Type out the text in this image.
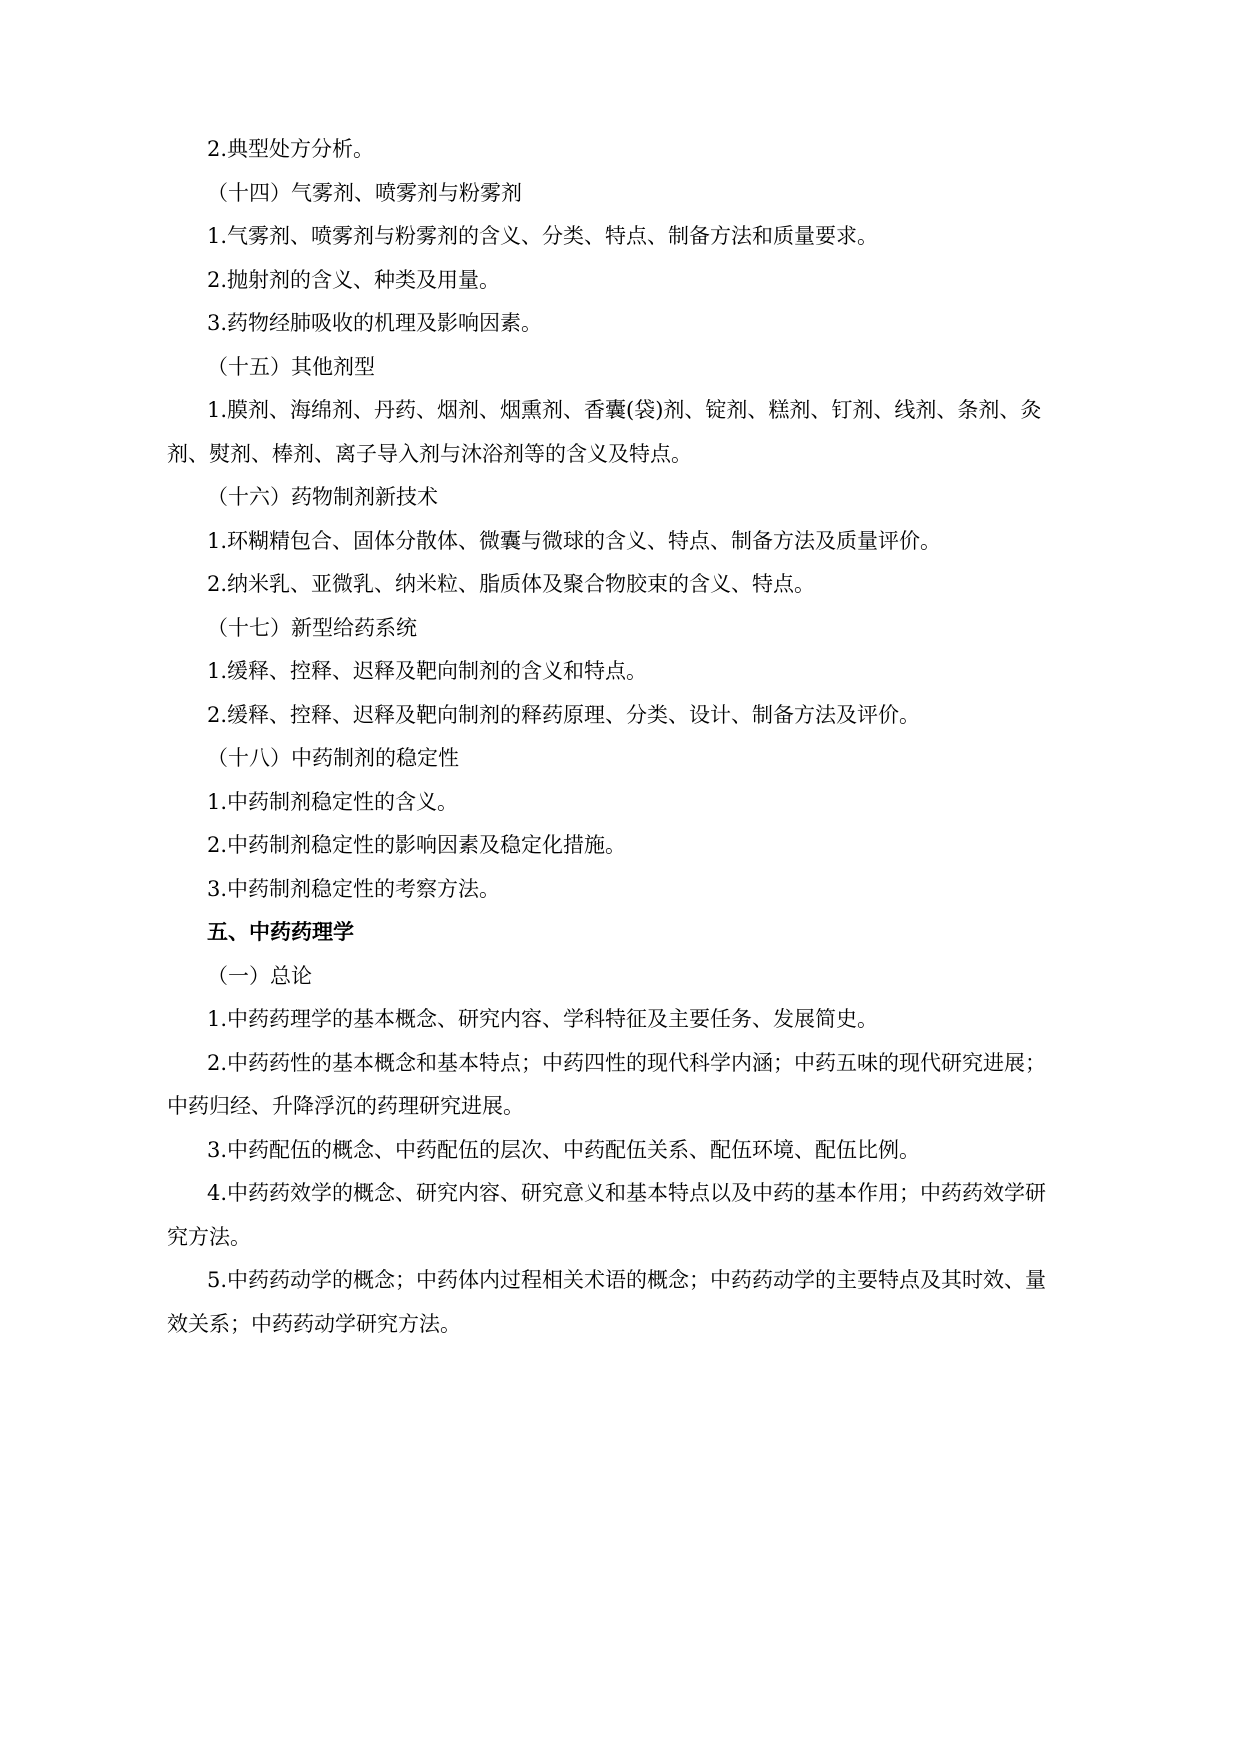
2.典型处方分析。

（十四）气雾剂、喷雾剂与粉雾剂

1.气雾剂、喷雾剂与粉雾剂的含义、分类、特点、制备方法和质量要求。

2.抛射剂的含义、种类及用量。

3.药物经肺吸收的机理及影响因素。

（十五）其他剂型

1.膜剂、海绵剂、丹药、烟剂、烟熏剂、香囊(袋)剂、锭剂、糕剂、钉剂、线剂、条剂、灸剂、熨剂、棒剂、离子导入剂与沐浴剂等的含义及特点。

（十六）药物制剂新技术

1.环糊精包合、固体分散体、微囊与微球的含义、特点、制备方法及质量评价。

2.纳米乳、亚微乳、纳米粒、脂质体及聚合物胶束的含义、特点。

（十七）新型给药系统

1.缓释、控释、迟释及靶向制剂的含义和特点。

2.缓释、控释、迟释及靶向制剂的释药原理、分类、设计、制备方法及评价。

（十八）中药制剂的稳定性

1.中药制剂稳定性的含义。

2.中药制剂稳定性的影响因素及稳定化措施。

3.中药制剂稳定性的考察方法。

五、中药药理学

（一）总论

1.中药药理学的基本概念、研究内容、学科特征及主要任务、发展简史。

2.中药药性的基本概念和基本特点；中药四性的现代科学内涵；中药五味的现代研究进展；中药归经、升降浮沉的药理研究进展。

3.中药配伍的概念、中药配伍的层次、中药配伍关系、配伍环境、配伍比例。

4.中药药效学的概念、研究内容、研究意义和基本特点以及中药的基本作用；中药药效学研究方法。

5.中药药动学的概念；中药体内过程相关术语的概念；中药药动学的主要特点及其时效、量效关系；中药药动学研究方法。
